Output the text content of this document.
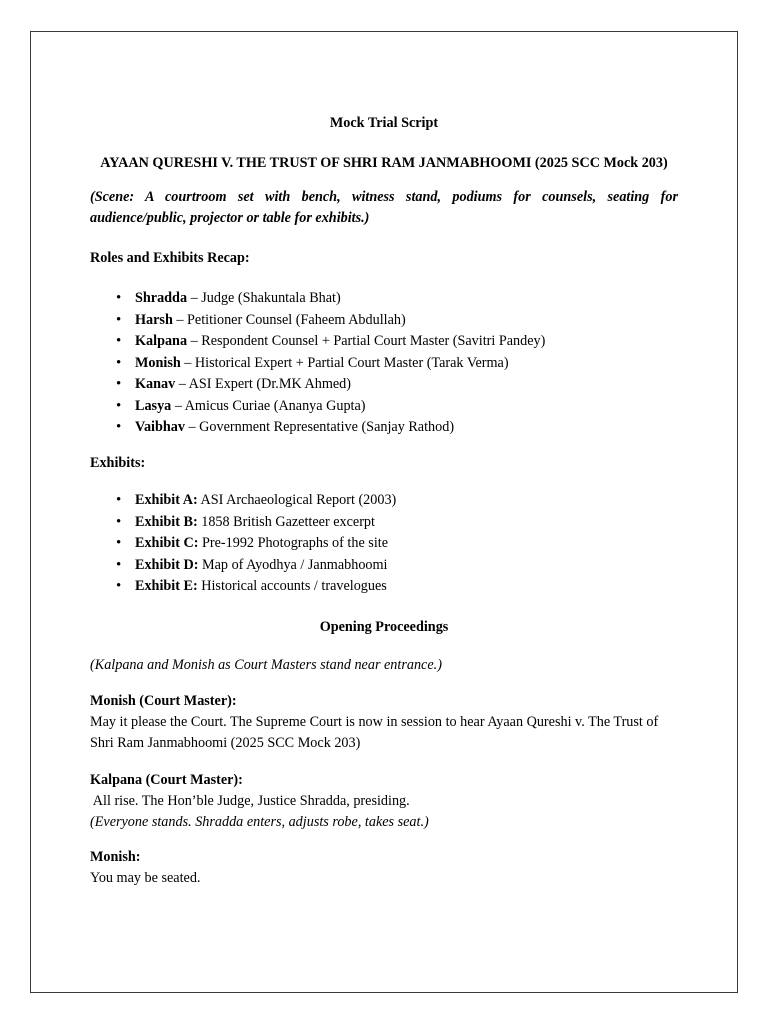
Mock Trial Script
AYAAN QURESHI V. THE TRUST OF SHRI RAM JANMABHOOMI (2025 SCC Mock 203)
(Scene: A courtroom set with bench, witness stand, podiums for counsels, seating for audience/public, projector or table for exhibits.)
Roles and Exhibits Recap:
• Shradda – Judge (Shakuntala Bhat)
• Harsh – Petitioner Counsel (Faheem Abdullah)
• Kalpana – Respondent Counsel + Partial Court Master (Savitri Pandey)
• Monish – Historical Expert + Partial Court Master (Tarak Verma)
• Kanav – ASI Expert (Dr.MK Ahmed)
• Lasya – Amicus Curiae (Ananya Gupta)
• Vaibhav – Government Representative (Sanjay Rathod)
Exhibits:
• Exhibit A: ASI Archaeological Report (2003)
• Exhibit B: 1858 British Gazetteer excerpt
• Exhibit C: Pre-1992 Photographs of the site
• Exhibit D: Map of Ayodhya / Janmabhoomi
• Exhibit E: Historical accounts / travelogues
Opening Proceedings
(Kalpana and Monish as Court Masters stand near entrance.)
Monish (Court Master):
May it please the Court. The Supreme Court is now in session to hear Ayaan Qureshi v. The Trust of Shri Ram Janmabhoomi (2025 SCC Mock 203)
Kalpana (Court Master):
All rise. The Hon’ble Judge, Justice Shradda, presiding.
(Everyone stands. Shradda enters, adjusts robe, takes seat.)
Monish:
You may be seated.
